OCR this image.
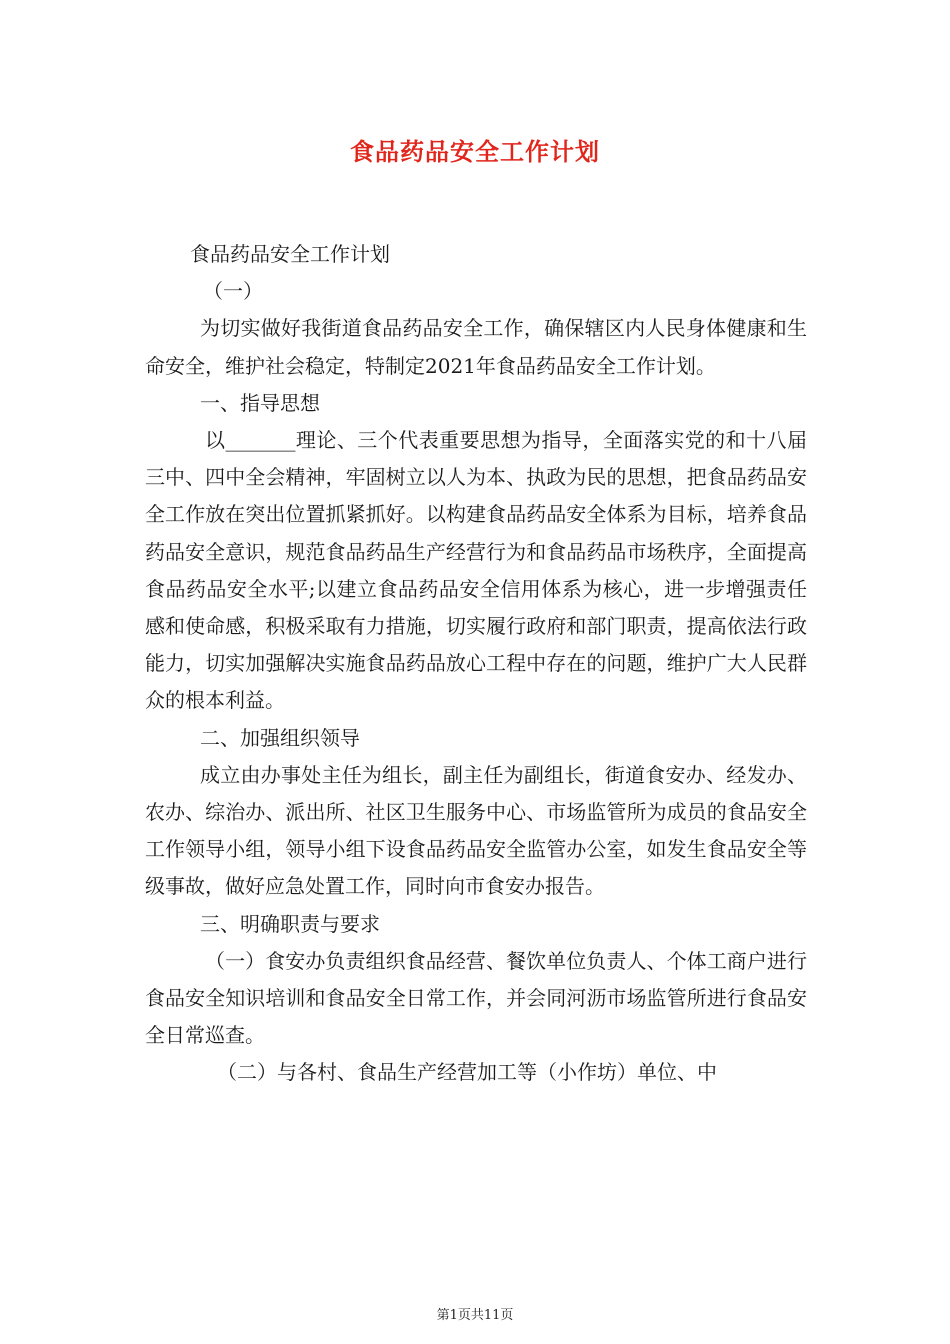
食品药品安全工作计划

食品药品安全工作计划

（一）

为切实做好我街道食品药品安全工作，确保辖区内人民身体健康和生命安全，维护社会稳定，特制定2021年食品药品安全工作计划。

一、指导思想

以_______理论、三个代表重要思想为指导，全面落实党的和十八届三中、四中全会精神，牢固树立以人为本、执政为民的思想，把食品药品安全工作放在突出位置抓紧抓好。以构建食品药品安全体系为目标，培养食品药品安全意识，规范食品药品生产经营行为和食品药品市场秩序，全面提高食品药品安全水平;以建立食品药品安全信用体系为核心，进一步增强责任感和使命感，积极采取有力措施，切实履行政府和部门职责，提高依法行政能力，切实加强解决实施食品药品放心工程中存在的问题，维护广大人民群众的根本利益。

二、加强组织领导

成立由办事处主任为组长，副主任为副组长，街道食安办、经发办、农办、综治办、派出所、社区卫生服务中心、市场监管所为成员的食品安全工作领导小组，领导小组下设食品药品安全监管办公室，如发生食品安全等级事故，做好应急处置工作，同时向市食安办报告。

三、明确职责与要求

（一）食安办负责组织食品经营、餐饮单位负责人、个体工商户进行食品安全知识培训和食品安全日常工作，并会同河沥市场监管所进行食品安全日常巡查。

（二）与各村、食品生产经营加工等（小作坊）单位、中

第1页共11页
